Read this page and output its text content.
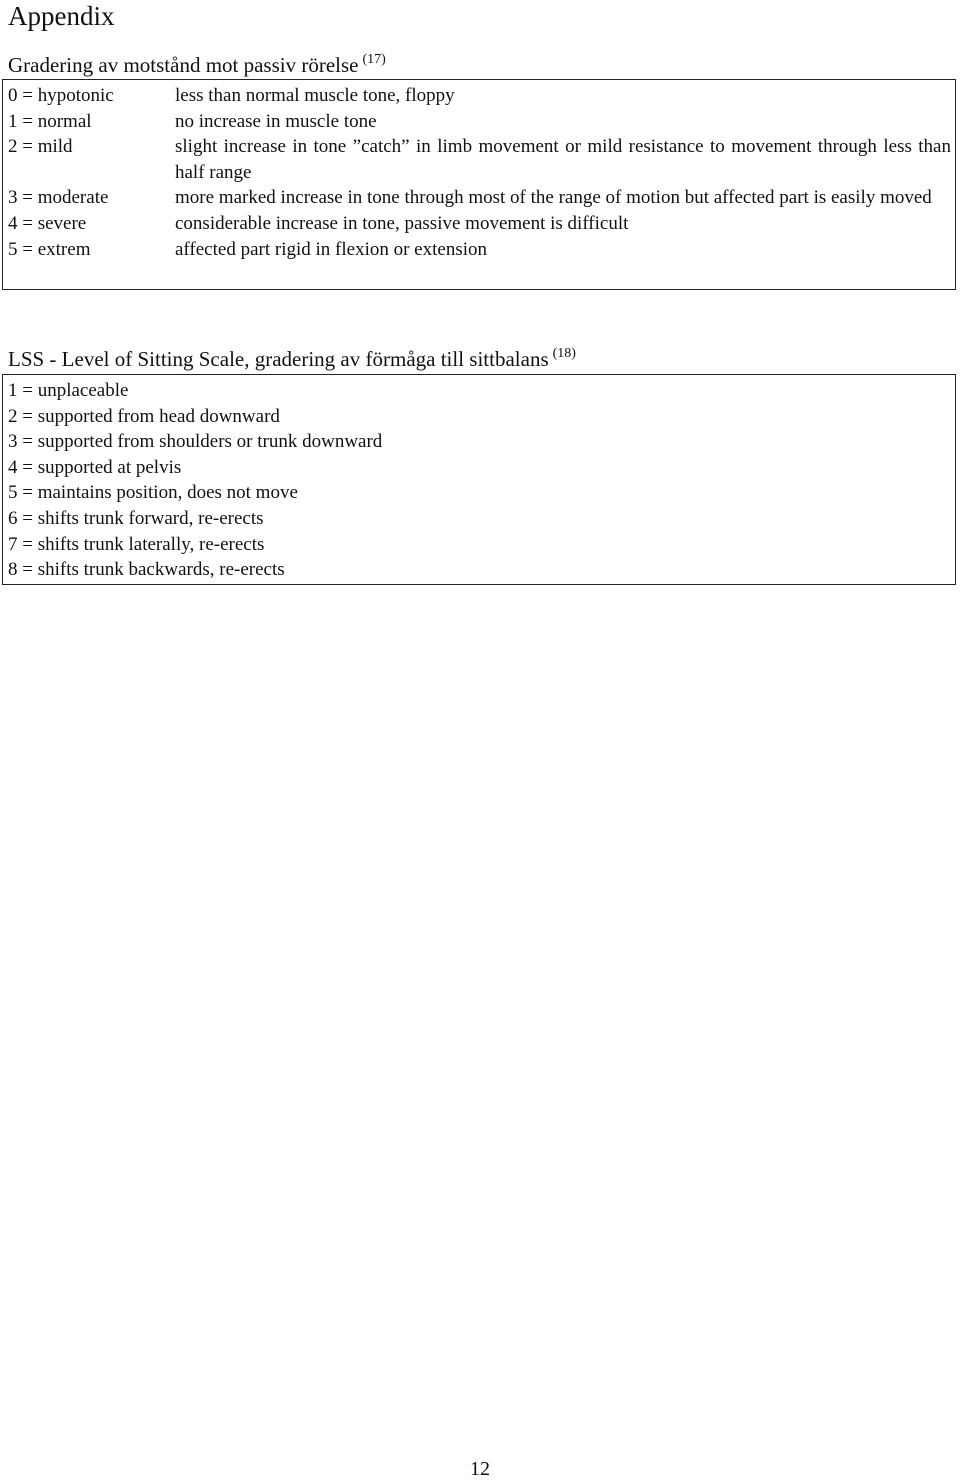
Appendix
Gradering av motstånd mot passiv rörelse $^{(17)}$
0 = hypotonic	less than normal muscle tone, floppy
1 = normal	no increase in muscle tone
2 = mild	slight increase in tone ”catch” in limb movement or mild resistance to movement through less than half range
3 = moderate	more marked increase in tone through most of the range of motion but affected part is easily moved
4 = severe	considerable increase in tone, passive movement is difficult
5 = extrem	affected part rigid in flexion or extension
LSS - Level of Sitting Scale, gradering av förmåga till sittbalans $^{(18)}$
1 = unplaceable
2 = supported from head downward
3 = supported from shoulders or trunk downward
4 = supported at pelvis
5 = maintains position, does not move
6 = shifts trunk forward, re-erects
7 = shifts trunk laterally, re-erects
8 = shifts trunk backwards, re-erects
12
